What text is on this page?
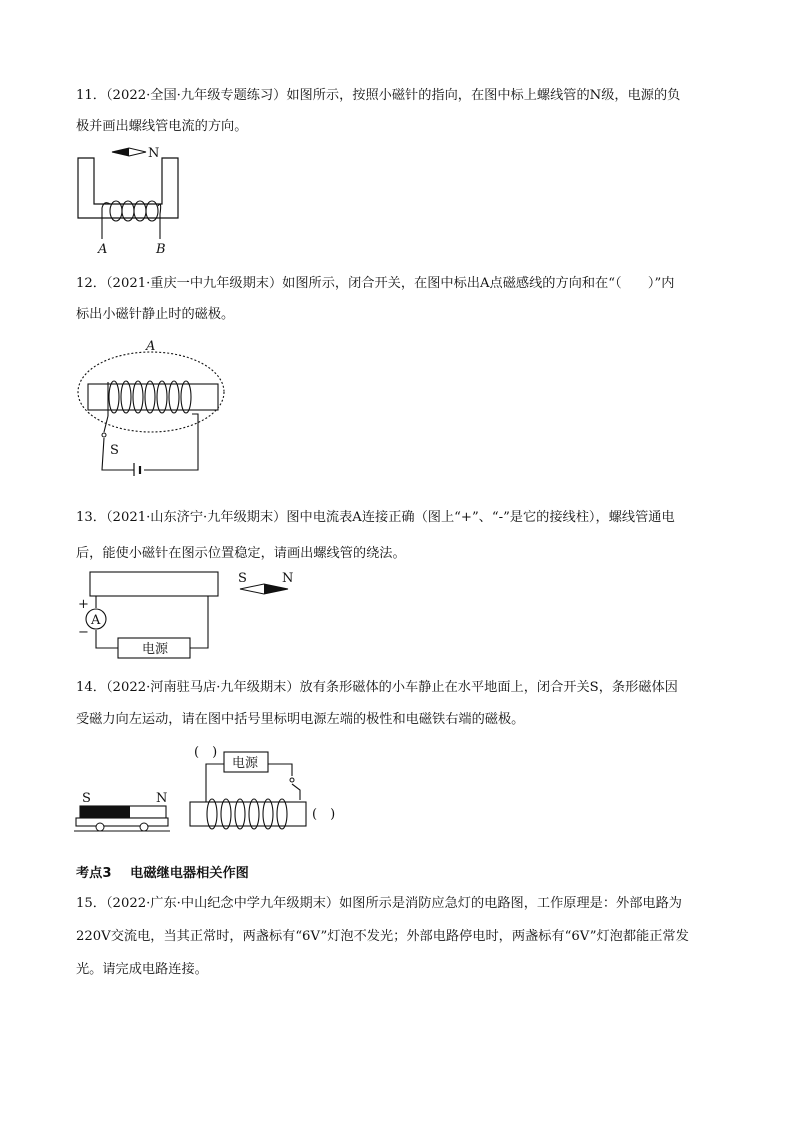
11．（2022·全国·九年级专题练习）如图所示，按照小磁针的指向，在图中标上螺线管的N级，电源的负
极并画出螺线管电流的方向。
N
A	B
12．（2021·重庆一中九年级期末）如图所示，闭合开关，在图中标出A点磁感线的方向和在“（　　）”内
标出小磁针静止时的磁极。
A
S
13．（2021·山东济宁·九年级期末）图中电流表A连接正确（图上“+”、“-”是它的接线柱），螺线管通电
后，能使小磁针在图示位置稳定，请画出螺线管的绕法。
A
+
−
电源
S	N
14．（2022·河南驻马店·九年级期末）放有条形磁体的小车静止在水平地面上，闭合开关S，条形磁体因
受磁力向左运动，请在图中括号里标明电源左端的极性和电磁铁右端的磁极。
S	N
(　)
电源
(　)
考点3 电磁继电器相关作图
15．（2022·广东·中山纪念中学九年级期末）如图所示是消防应急灯的电路图，工作原理是：外部电路为
220V交流电，当其正常时，两盏标有“6V”灯泡不发光；外部电路停电时，两盏标有“6V”灯泡都能正常发
光。请完成电路连接。
